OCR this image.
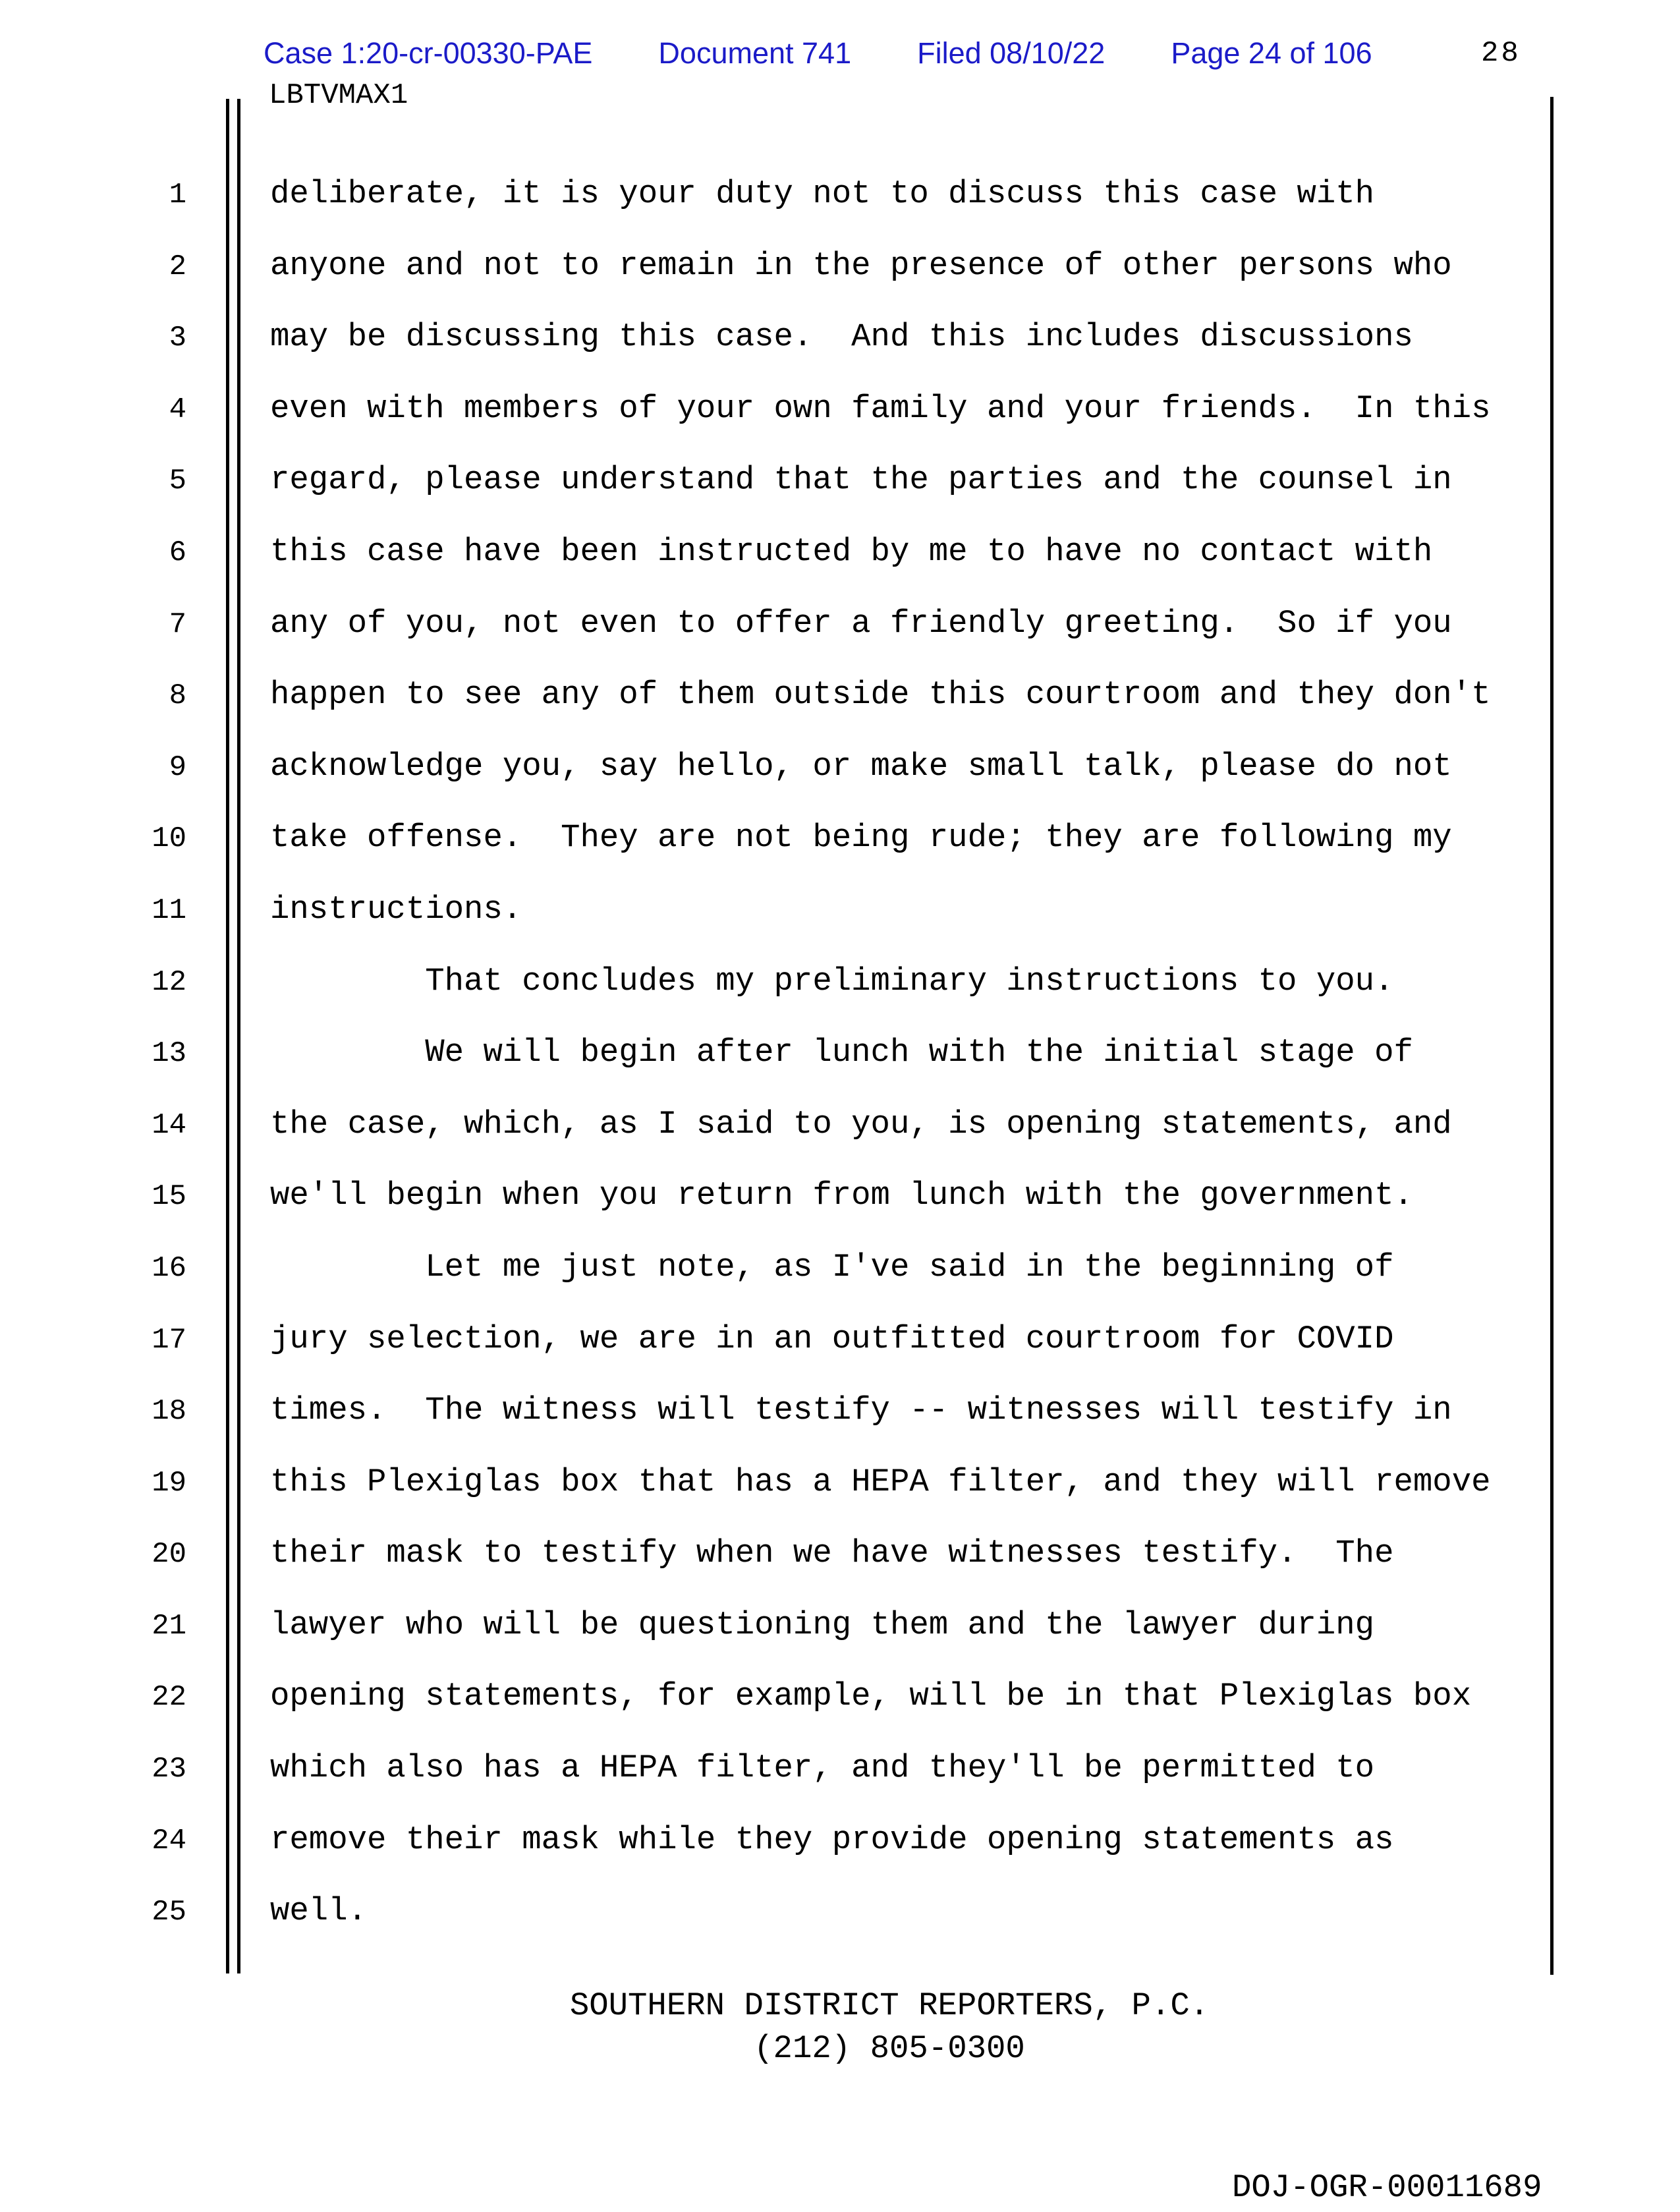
Case 1:20-cr-00330-PAE Document 741 Filed 08/10/22 Page 24 of 106	28
LBTVMAX1
1	deliberate, it is your duty not to discuss this case with
2	anyone and not to remain in the presence of other persons who
3	may be discussing this case.  And this includes discussions
4	even with members of your own family and your friends.  In this
5	regard, please understand that the parties and the counsel in
6	this case have been instructed by me to have no contact with
7	any of you, not even to offer a friendly greeting.  So if you
8	happen to see any of them outside this courtroom and they don't
9	acknowledge you, say hello, or make small talk, please do not
10	take offense.  They are not being rude; they are following my
11	instructions.
12	That concludes my preliminary instructions to you.
13	We will begin after lunch with the initial stage of
14	the case, which, as I said to you, is opening statements, and
15	we'll begin when you return from lunch with the government.
16	Let me just note, as I've said in the beginning of
17	jury selection, we are in an outfitted courtroom for COVID
18	times.  The witness will testify -- witnesses will testify in
19	this Plexiglas box that has a HEPA filter, and they will remove
20	their mask to testify when we have witnesses testify.  The
21	lawyer who will be questioning them and the lawyer during
22	opening statements, for example, will be in that Plexiglas box
23	which also has a HEPA filter, and they'll be permitted to
24	remove their mask while they provide opening statements as
25	well.
SOUTHERN DISTRICT REPORTERS, P.C.
(212) 805-0300
DOJ-OGR-00011689
